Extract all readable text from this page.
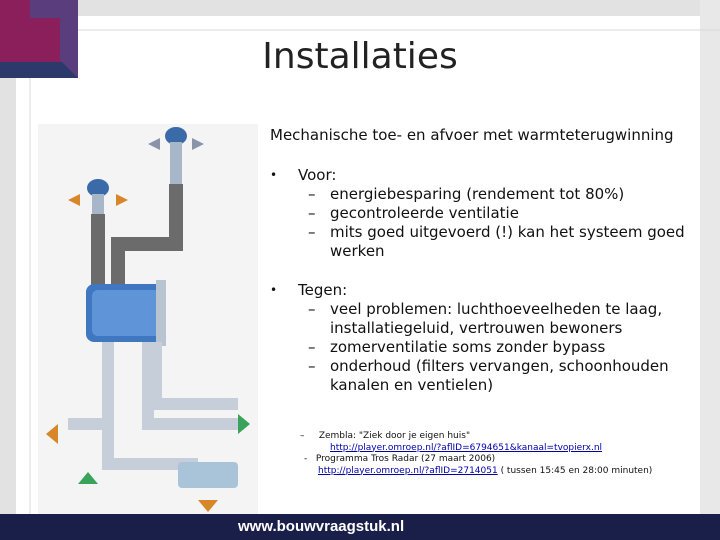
Installaties
Mechanische toe- en afvoer met warmteterugwinning
• Voor:
– energiebesparing (rendement tot 80%)
– gecontroleerde ventilatie
– mits goed uitgevoerd (!) kan het systeem goed werken
• Tegen:
– veel problemen: luchthoeveelheden te laag, installatiegeluid, vertrouwen bewoners
– zomerventilatie soms zonder bypass
– onderhoud (filters vervangen, schoonhouden kanalen en ventielen)
–     Zembla: "Ziek door je eigen huis"
http://player.omroep.nl/?aflID=6794651&kanaal=tvopierx.nl
-   Programma Tros Radar (27 maart 2006)
http://player.omroep.nl/?aflID=2714051 ( tussen 15:45 en 28:00 minuten)
www.bouwvraagstuk.nl
